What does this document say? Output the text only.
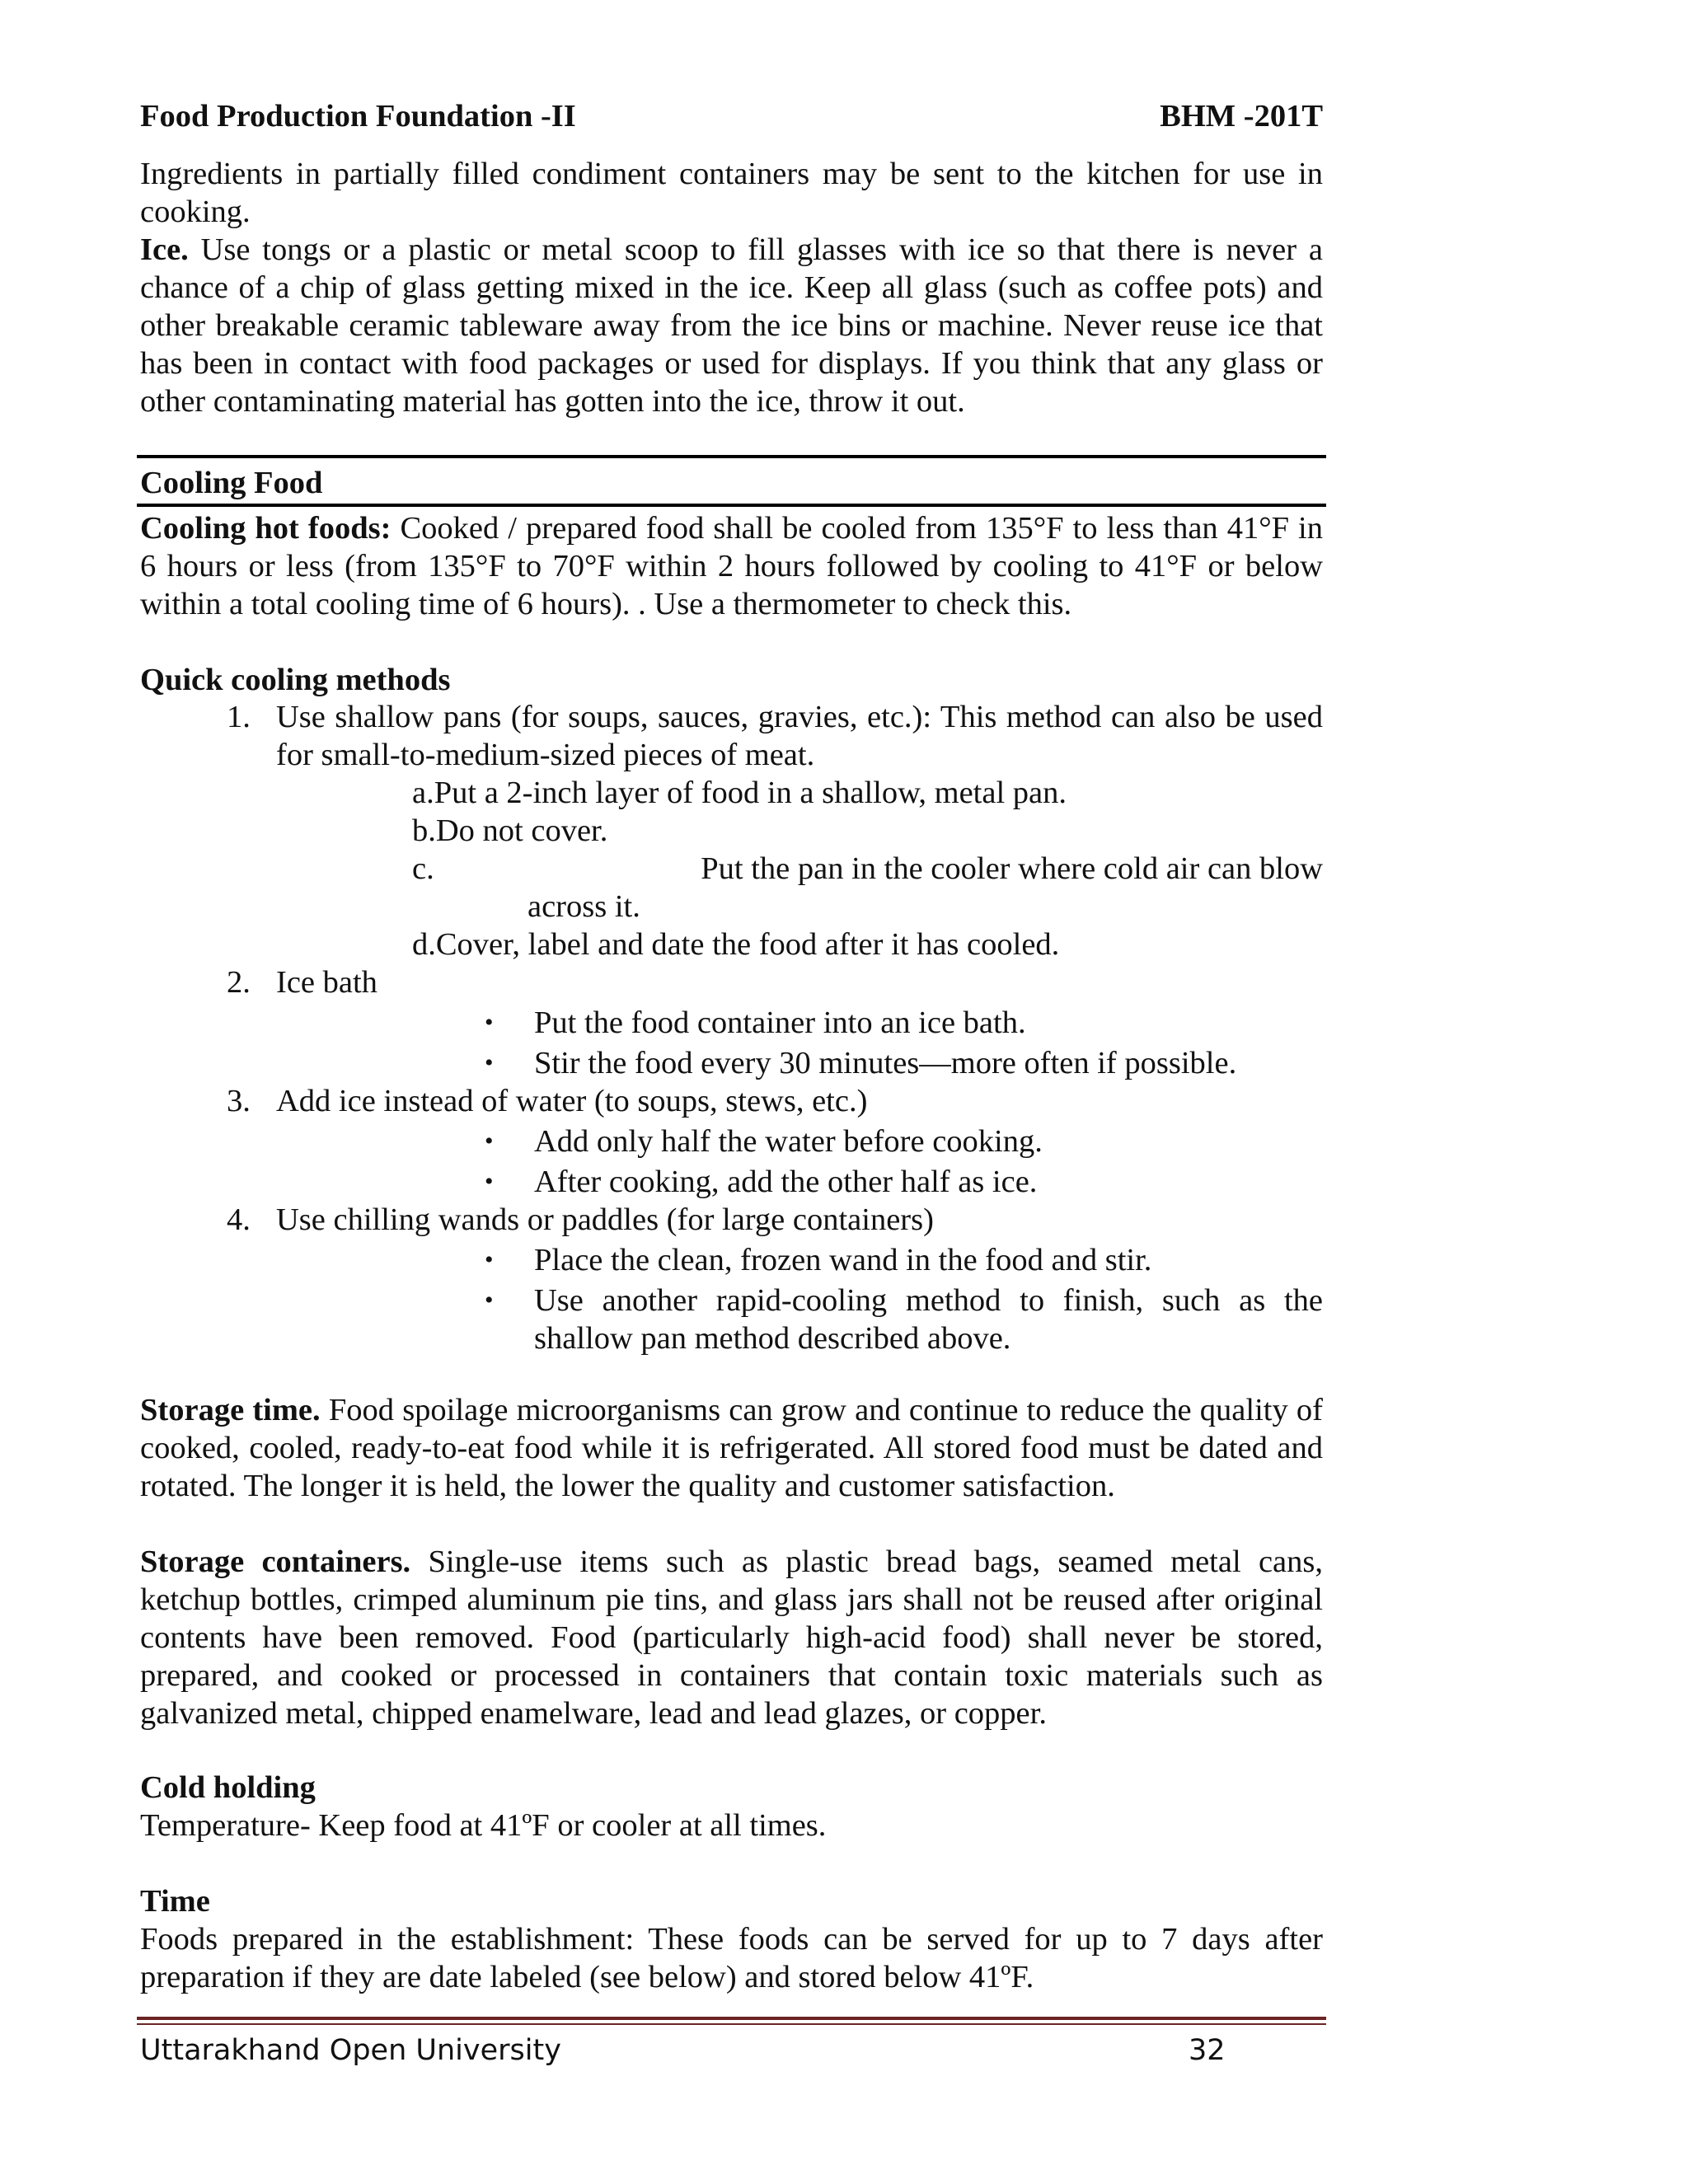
Food Production Foundation -II	BHM -201T
Ingredients in partially filled condiment containers may be sent to the kitchen for use in cooking.
Ice. Use tongs or a plastic or metal scoop to fill glasses with ice so that there is never a chance of a chip of glass getting mixed in the ice. Keep all glass (such as coffee pots) and other breakable ceramic tableware away from the ice bins or machine. Never reuse ice that has been in contact with food packages or used for displays. If you think that any glass or other contaminating material has gotten into the ice, throw it out.
Cooling Food
Cooling hot foods: Cooked / prepared food shall be cooled from 135°F to less than 41°F in 6 hours or less (from 135°F to 70°F within 2 hours followed by cooling to 41°F or below within a total cooling time of 6 hours). . Use a thermometer to check this.
Quick cooling methods
1. Use shallow pans (for soups, sauces, gravies, etc.): This method can also be used for small-to-medium-sized pieces of meat.
a.Put a 2-inch layer of food in a shallow, metal pan.
b.Do not cover.
c.	Put the pan in the cooler where cold air can blow
across it.
d.Cover, label and date the food after it has cooled.
2. Ice bath
• Put the food container into an ice bath.
• Stir the food every 30 minutes—more often if possible.
3. Add ice instead of water (to soups, stews, etc.)
• Add only half the water before cooking.
• After cooking, add the other half as ice.
4. Use chilling wands or paddles (for large containers)
• Place the clean, frozen wand in the food and stir.
• Use another rapid-cooling method to finish, such as the shallow pan method described above.
Storage time. Food spoilage microorganisms can grow and continue to reduce the quality of cooked, cooled, ready-to-eat food while it is refrigerated. All stored food must be dated and rotated. The longer it is held, the lower the quality and customer satisfaction.
Storage containers. Single-use items such as plastic bread bags, seamed metal cans, ketchup bottles, crimped aluminum pie tins, and glass jars shall not be reused after original contents have been removed. Food (particularly high-acid food) shall never be stored, prepared, and cooked or processed in containers that contain toxic materials such as galvanized metal, chipped enamelware, lead and lead glazes, or copper.
Cold holding
Temperature- Keep food at 41ºF or cooler at all times.
Time
Foods prepared in the establishment: These foods can be served for up to 7 days after preparation if they are date labeled (see below) and stored below 41ºF.
Uttarakhand Open University	32
